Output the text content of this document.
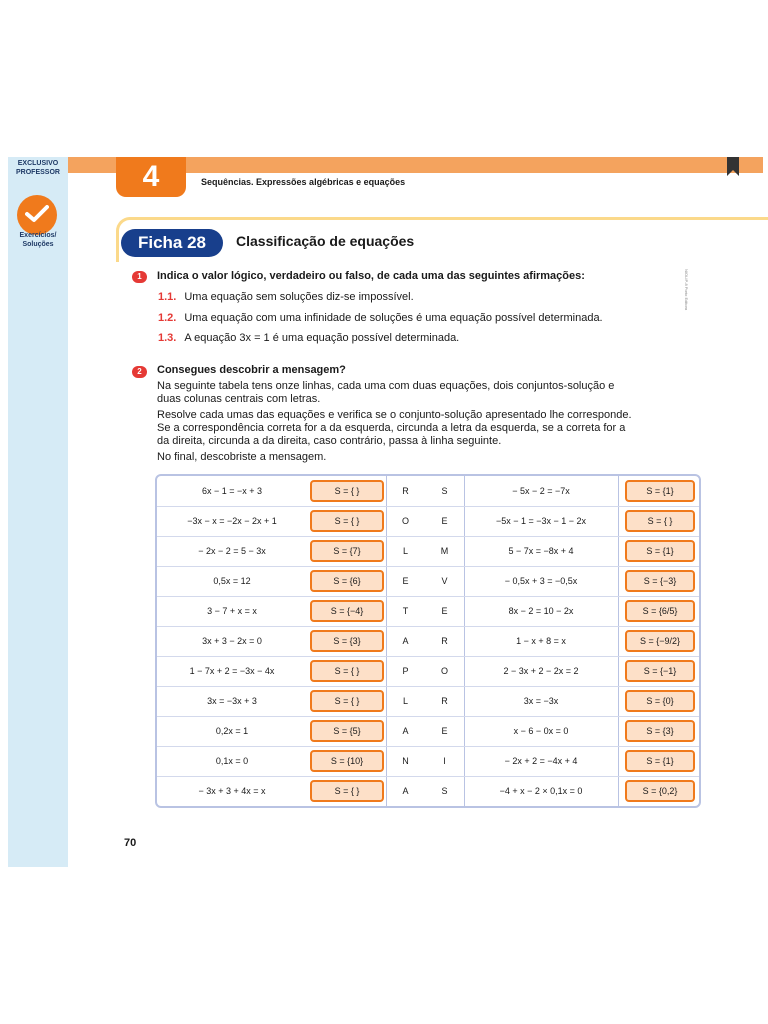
EXCLUSIVO
PROFESSOR
Exercícios/
Soluções
4	Sequências. Expressões algébricas e equações
Ficha 28	Classificação de equações
NIOLIP-8 Porto Editora
1	Indica o valor lógico, verdadeiro ou falso, de cada uma das seguintes afirmações:
1.1. Uma equação sem soluções diz-se impossível.
1.2. Uma equação com uma infinidade de soluções é uma equação possível determinada.
1.3. A equação 3x = 1 é uma equação possível determinada.
2	Consegues descobrir a mensagem?
Na seguinte tabela tens onze linhas, cada uma com duas equações, dois conjuntos-solução e
duas colunas centrais com letras.
Resolve cada umas das equações e verifica se o conjunto-solução apresentado lhe corresponde.
Se a correspondência correta for a da esquerda, circunda a letra da esquerda, se a correta for a
da direita, circunda a da direita, caso contrário, passa à linha seguinte.
No final, descobriste a mensagem.
6x − 1 = −x + 3	S = { }	R	S	− 5x − 2 = −7x	S = {1}
−3x − x = −2x − 2x + 1	S = { }	O	E	−5x − 1 = −3x − 1 − 2x	S = { }
− 2x − 2 = 5 − 3x	S = {7}	L	M	5 − 7x = −8x + 4	S = {1}
0,5x = 12	S = {6}	E	V	− 0,5x + 3 = −0,5x	S = {−3}
3 − 7 + x = x	S = {−4}	T	E	8x − 2 = 10 − 2x	S = {6/5}
3x + 3 − 2x = 0	S = {3}	A	R	1 − x + 8 = x	S = {−9/2}
1 − 7x + 2 = −3x − 4x	S = { }	P	O	2 − 3x + 2 − 2x = 2	S = {−1}
3x = −3x + 3	S = { }	L	R	3x = −3x	S = {0}
0,2x = 1	S = {5}	A	E	x − 6 − 0x = 0	S = {3}
0,1x = 0	S = {10}	N	I	− 2x + 2 = −4x + 4	S = {1}
− 3x + 3 + 4x = x	S = { }	A	S	−4 + x − 2 × 0,1x = 0	S = {0,2}
70
